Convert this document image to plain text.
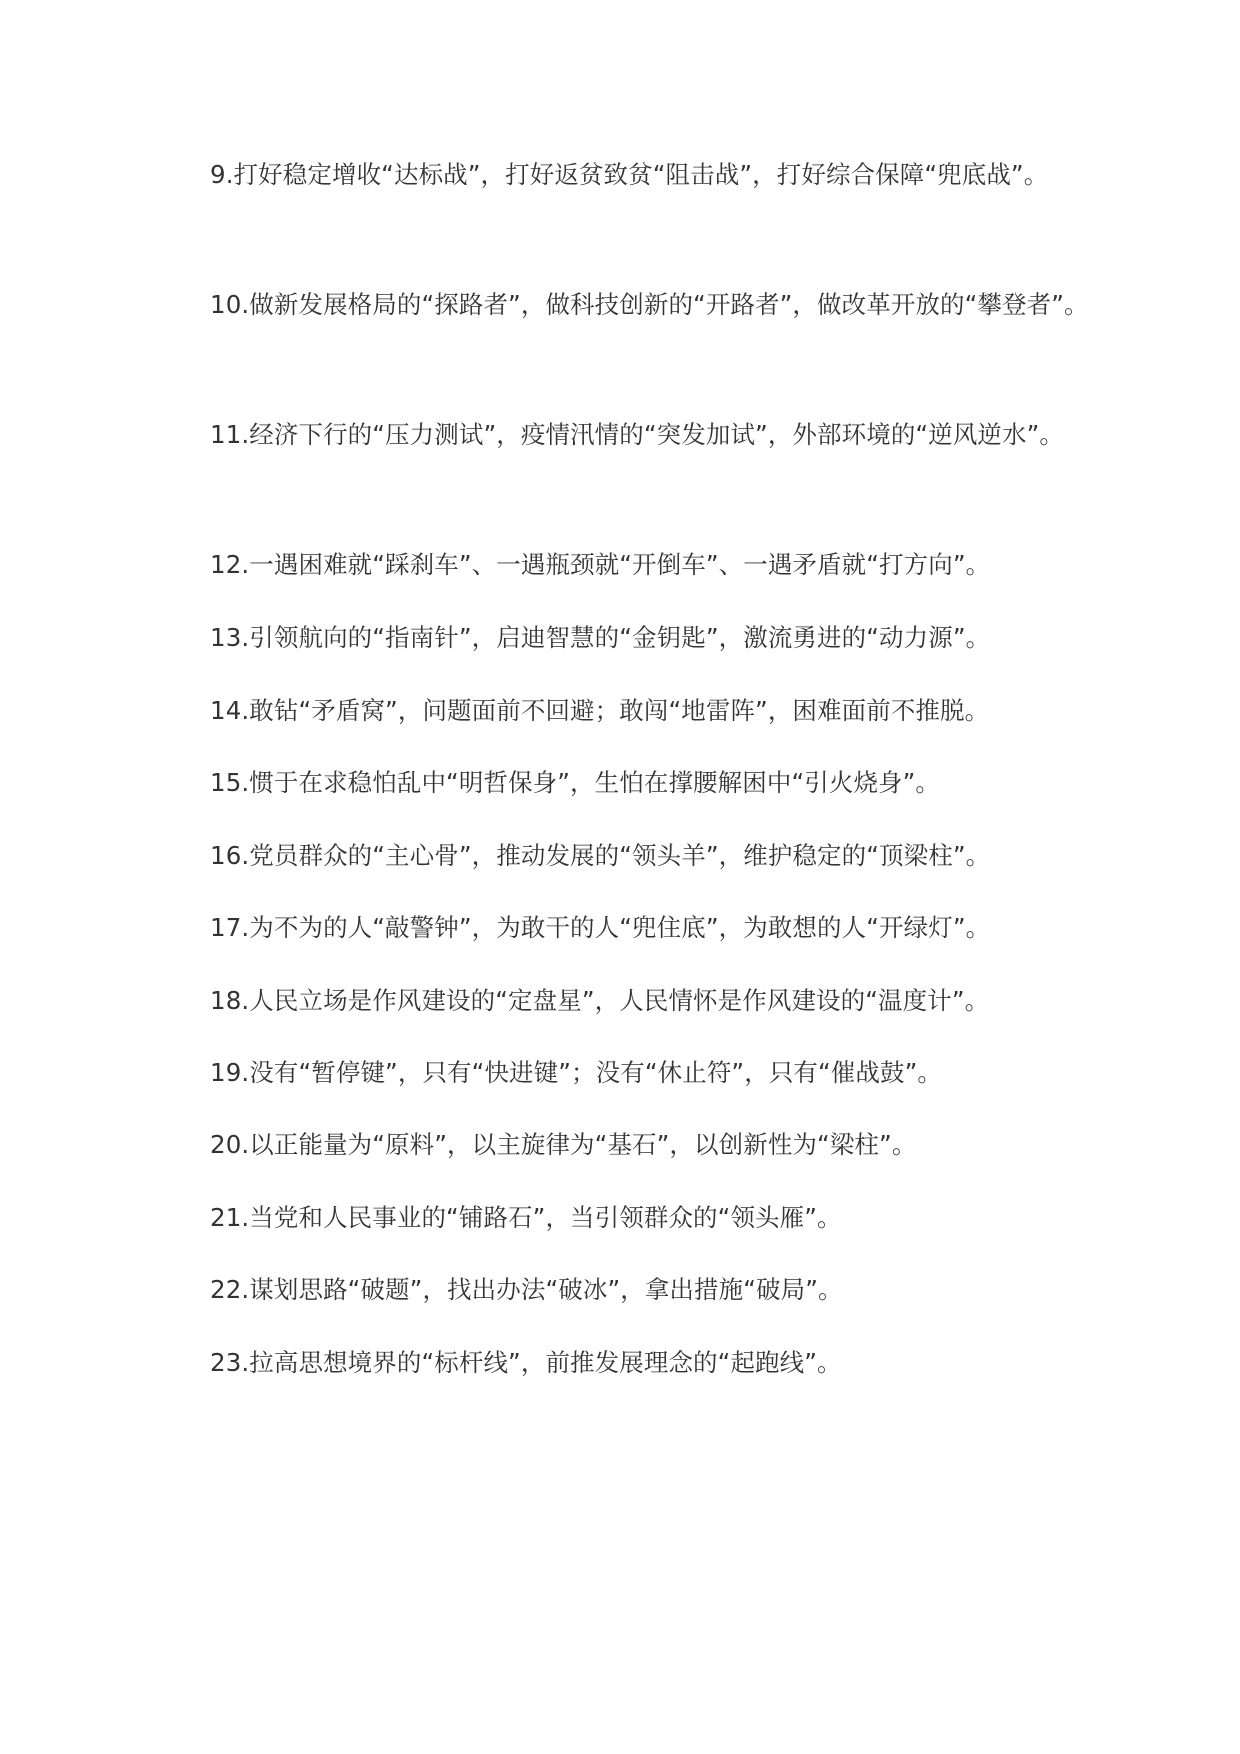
9.打好稳定增收“达标战”，打好返贫致贫“阻击战”，打好综合保障“兜底战”。

10.做新发展格局的“探路者”，做科技创新的“开路者”，做改革开放的“攀登者”。

11.经济下行的“压力测试”，疫情汛情的“突发加试”，外部环境的“逆风逆水”。

12.一遇困难就“踩刹车”、一遇瓶颈就“开倒车”、一遇矛盾就“打方向”。

13.引领航向的“指南针”，启迪智慧的“金钥匙”，激流勇进的“动力源”。

14.敢钻“矛盾窝”，问题面前不回避；敢闯“地雷阵”，困难面前不推脱。

15.惯于在求稳怕乱中“明哲保身”，生怕在撑腰解困中“引火烧身”。

16.党员群众的“主心骨”，推动发展的“领头羊”，维护稳定的“顶梁柱”。

17.为不为的人“敲警钟”，为敢干的人“兜住底”，为敢想的人“开绿灯”。

18.人民立场是作风建设的“定盘星”，人民情怀是作风建设的“温度计”。

19.没有“暂停键”，只有“快进键”；没有“休止符”，只有“催战鼓”。

20.以正能量为“原料”，以主旋律为“基石”，以创新性为“梁柱”。

21.当党和人民事业的“铺路石”，当引领群众的“领头雁”。

22.谋划思路“破题”，找出办法“破冰”，拿出措施“破局”。

23.拉高思想境界的“标杆线”，前推发展理念的“起跑线”。
